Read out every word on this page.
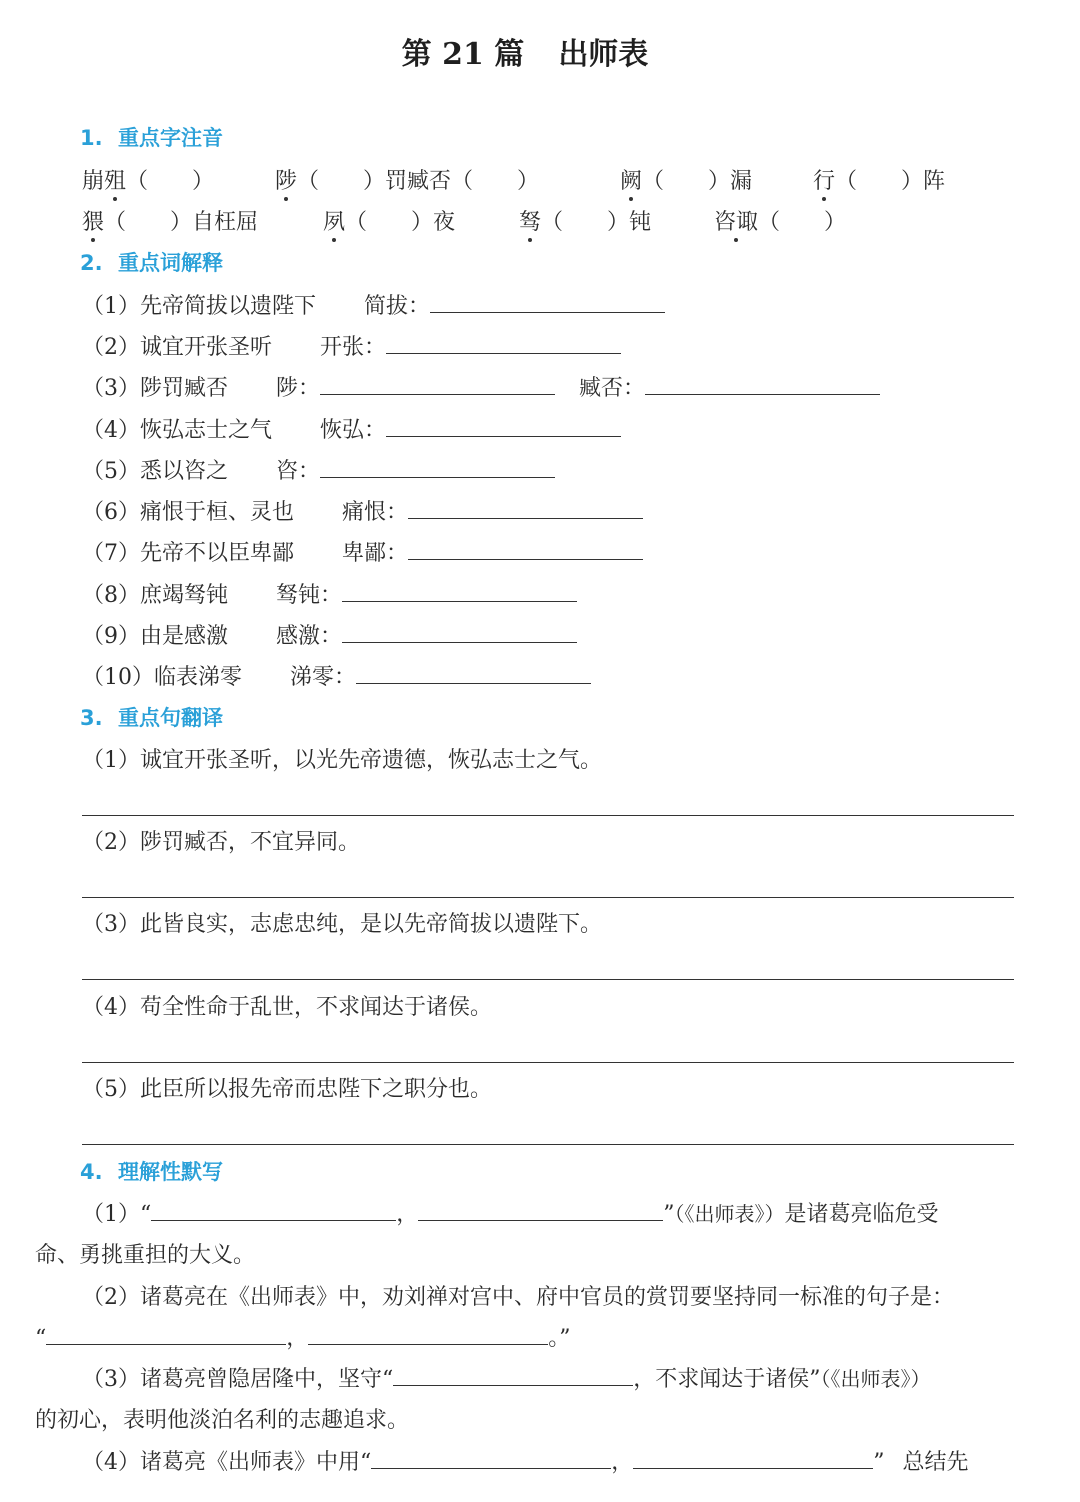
第 21 篇 出师表
1. 重点字注音
崩殂（　　）	陟（　　）罚臧否（　　）	阙（　　）漏	行（　　）阵
猥（　　）自枉屈	夙（　　）夜	驽（　　）钝	咨诹（　　）
2. 重点词解释
（1）先帝简拔以遗陛下 简拔：
（2）诚宜开张圣听 开张：
（3）陟罚臧否 陟：	臧否：
（4）恢弘志士之气 恢弘：
（5）悉以咨之 咨：
（6）痛恨于桓、灵也 痛恨：
（7）先帝不以臣卑鄙 卑鄙：
（8）庶竭驽钝 驽钝：
（9）由是感激 感激：
（10）临表涕零 涕零：
3. 重点句翻译
（1）诚宜开张圣听，以光先帝遗德，恢弘志士之气。
（2）陟罚臧否，不宜异同。
（3）此皆良实，志虑忠纯，是以先帝简拔以遗陛下。
（4）苟全性命于乱世，不求闻达于诸侯。
（5）此臣所以报先帝而忠陛下之职分也。
4. 理解性默写
（1）“	，	”（《出师表》）是诸葛亮临危受
命、勇挑重担的大义。
（2）诸葛亮在《出师表》中，劝刘禅对宫中、府中官员的赏罚要坚持同一标准的句子是：
“	，	。”
（3）诸葛亮曾隐居隆中，坚守“	，不求闻达于诸侯”（《出师表》）
的初心，表明他淡泊名利的志趣追求。
（4）诸葛亮《出师表》中用“	，	” 总结先
